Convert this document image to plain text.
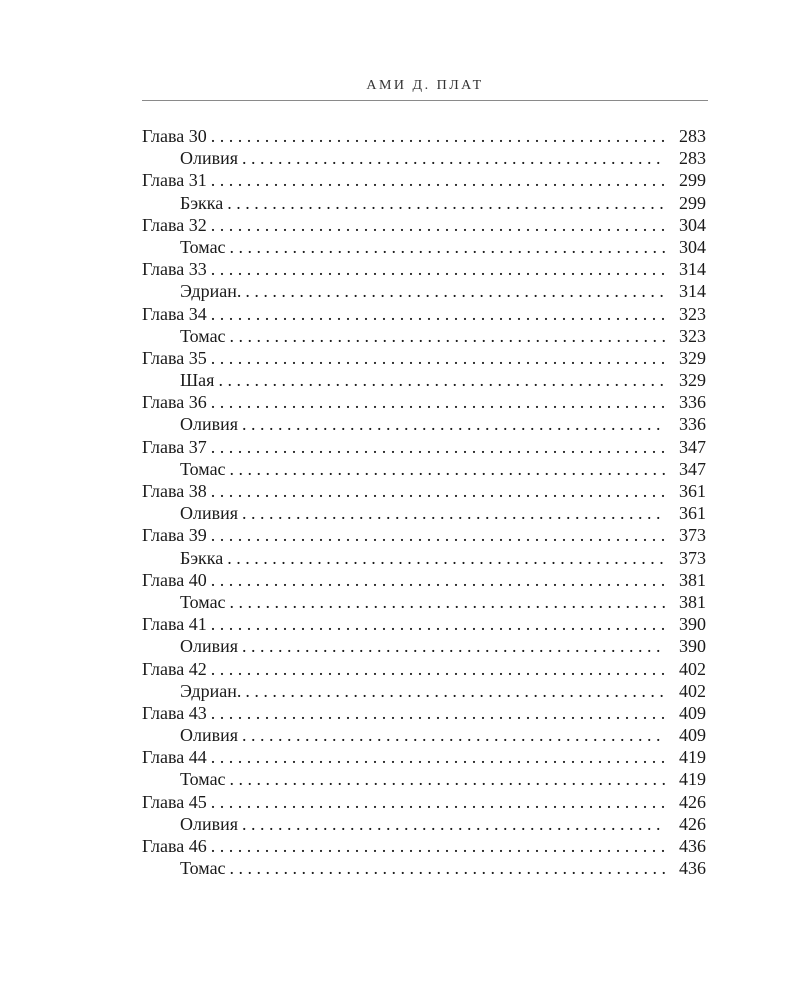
АМИ Д. ПЛАТ
Глава 30 . . .	283
Оливия . . .	283
Глава 31 . . .	299
Бэкка . . .	299
Глава 32 . . .	304
Томас . . .	304
Глава 33 . . .	314
Эдриан. . . .	314
Глава 34 . . .	323
Томас . . .	323
Глава 35 . . .	329
Шая . . .	329
Глава 36 . . .	336
Оливия . . .	336
Глава 37 . . .	347
Томас . . .	347
Глава 38 . . .	361
Оливия . . .	361
Глава 39 . . .	373
Бэкка . . .	373
Глава 40 . . .	381
Томас . . .	381
Глава 41 . . .	390
Оливия . . .	390
Глава 42 . . .	402
Эдриан. . . .	402
Глава 43 . . .	409
Оливия . . .	409
Глава 44 . . .	419
Томас . . .	419
Глава 45 . . .	426
Оливия . . .	426
Глава 46 . . .	436
Томас . . .	436
